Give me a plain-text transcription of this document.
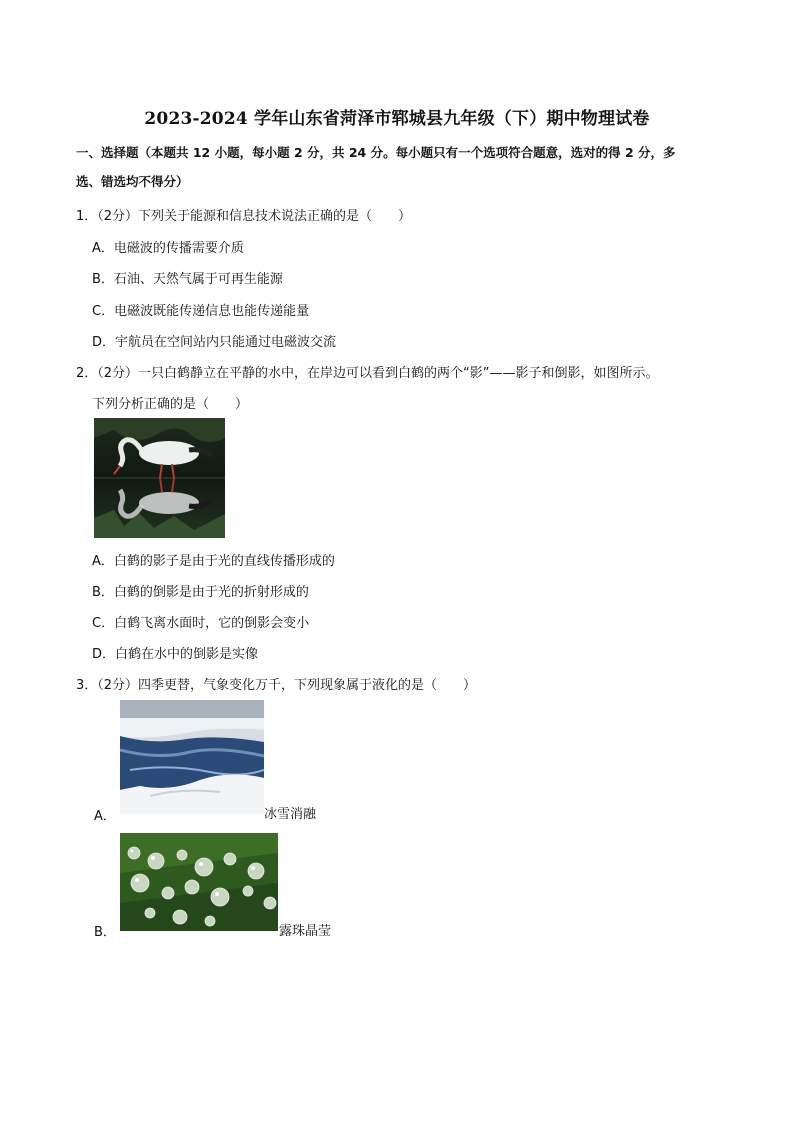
2023-2024 学年山东省菏泽市郓城县九年级（下）期中物理试卷
一、选择题（本题共 12 小题，每小题 2 分，共 24 分。每小题只有一个选项符合题意，选对的得 2 分，多
选、错选均不得分）
1．（2分）下列关于能源和信息技术说法正确的是（　　）
A．电磁波的传播需要介质
B．石油、天然气属于可再生能源
C．电磁波既能传递信息也能传递能量
D．宇航员在空间站内只能通过电磁波交流
2．（2分）一只白鹤静立在平静的水中，在岸边可以看到白鹤的两个“影”——影子和倒影，如图所示。
下列分析正确的是（　　）
A．白鹤的影子是由于光的直线传播形成的
B．白鹤的倒影是由于光的折射形成的
C．白鹤飞离水面时，它的倒影会变小
D．白鹤在水中的倒影是实像
3．（2分）四季更替，气象变化万千，下列现象属于液化的是（　　）
A．	冰雪消融
B．	露珠晶莹
